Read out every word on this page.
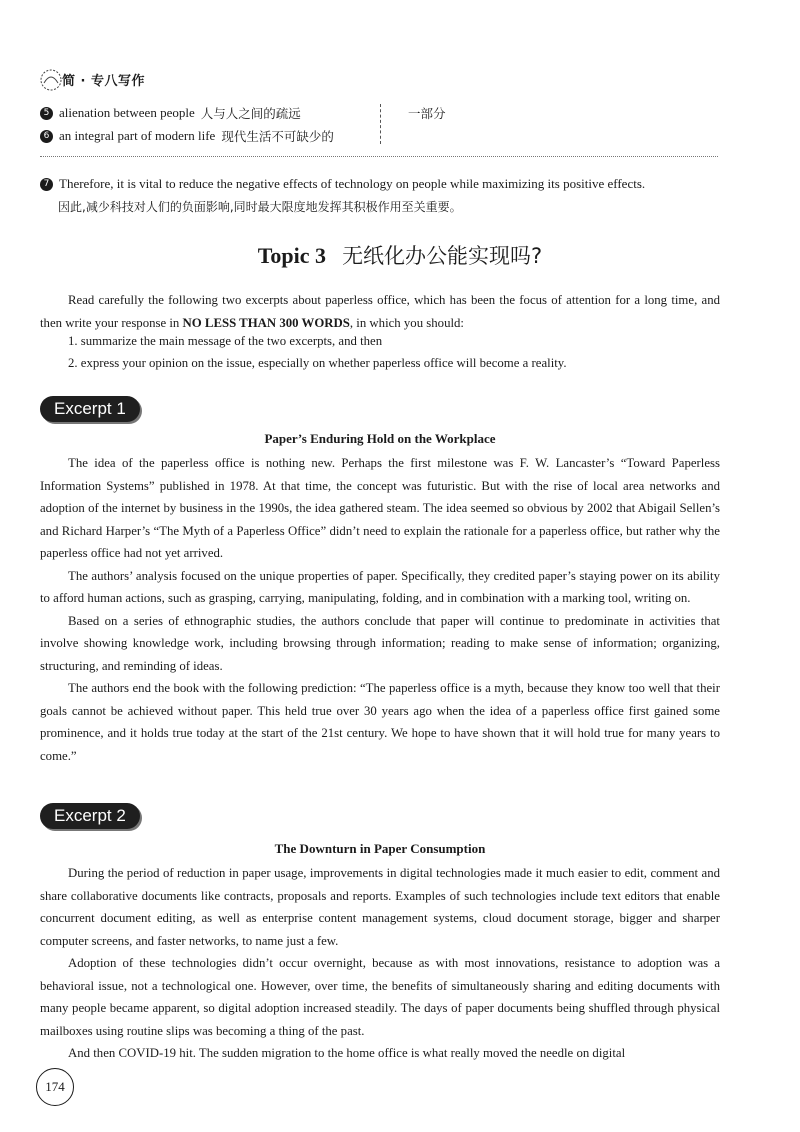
简 · 专八写作
5 alienation between people 人与人之间的疏远
6 an integral part of modern life 现代生活不可缺少的
一部分
7 Therefore, it is vital to reduce the negative effects of technology on people while maximizing its positive effects.
因此,减少科技对人们的负面影响,同时最大限度地发挥其积极作用至关重要。
Topic 3 无纸化办公能实现吗?
Read carefully the following two excerpts about paperless office, which has been the focus of attention for a long time, and then write your response in NO LESS THAN 300 WORDS, in which you should:
1. summarize the main message of the two excerpts, and then
2. express your opinion on the issue, especially on whether paperless office will become a reality.
Excerpt 1
Paper’s Enduring Hold on the Workplace

The idea of the paperless office is nothing new. Perhaps the first milestone was F. W. Lancaster’s “Toward Paperless Information Systems” published in 1978. At that time, the concept was futuristic. But with the rise of local area networks and adoption of the internet by business in the 1990s, the idea gathered steam. The idea seemed so obvious by 2002 that Abigail Sellen’s and Richard Harper’s “The Myth of a Paperless Office” didn’t need to explain the rationale for a paperless office, but rather why the paperless office had not yet arrived.

The authors’ analysis focused on the unique properties of paper. Specifically, they credited paper’s staying power on its ability to afford human actions, such as grasping, carrying, manipulating, folding, and in combination with a marking tool, writing on.

Based on a series of ethnographic studies, the authors conclude that paper will continue to predominate in activities that involve showing knowledge work, including browsing through information; reading to make sense of information; organizing, structuring, and reminding of ideas.

The authors end the book with the following prediction: “The paperless office is a myth, because they know too well that their goals cannot be achieved without paper. This held true over 30 years ago when the idea of a paperless office first gained some prominence, and it holds true today at the start of the 21st century. We hope to have shown that it will hold true for many years to come.”

Excerpt 2
The Downturn in Paper Consumption

During the period of reduction in paper usage, improvements in digital technologies made it much easier to edit, comment and share collaborative documents like contracts, proposals and reports. Examples of such technologies include text editors that enable concurrent document editing, as well as enterprise content management systems, cloud document storage, bigger and sharper computer screens, and faster networks, to name just a few.

Adoption of these technologies didn’t occur overnight, because as with most innovations, resistance to adoption was a behavioral issue, not a technological one. However, over time, the benefits of simultaneously sharing and editing documents with many people became apparent, so digital adoption increased steadily. The days of paper documents being shuffled through physical mailboxes using routine slips was becoming a thing of the past.

And then COVID-19 hit. The sudden migration to the home office is what really moved the needle on digital

174
